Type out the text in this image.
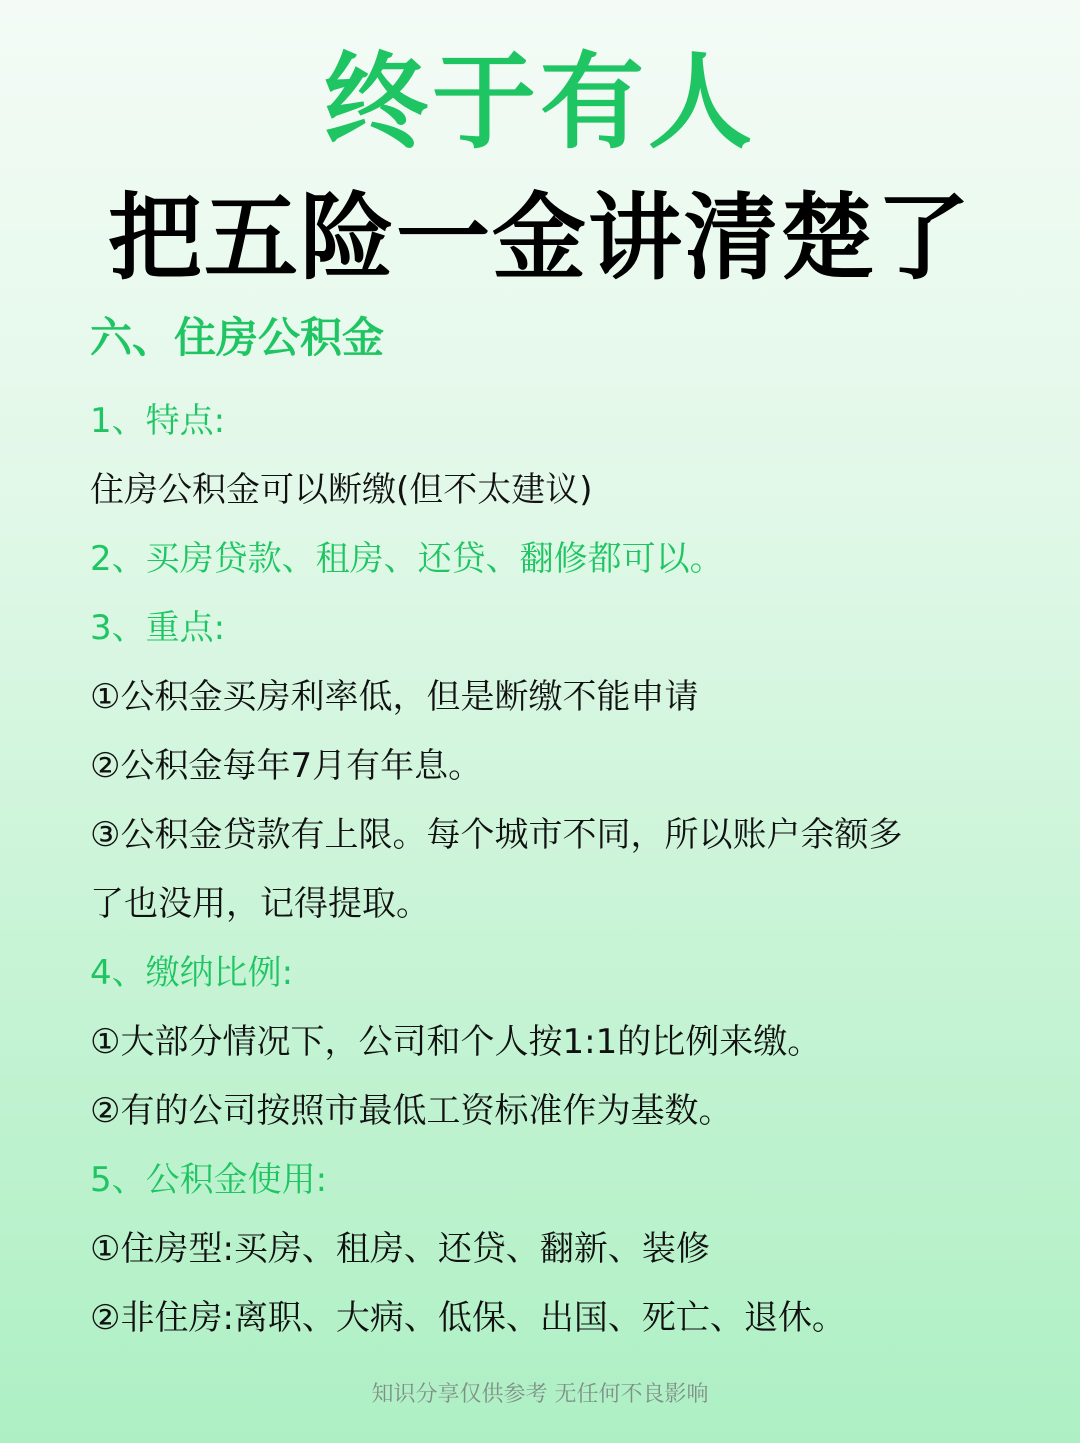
终于有人
把五险一金讲清楚了
六、住房公积金
1、特点:
住房公积金可以断缴(但不太建议)
2、买房贷款、租房、还贷、翻修都可以。
3、重点:
①公积金买房利率低，但是断缴不能申请
②公积金每年7月有年息。
③公积金贷款有上限。每个城市不同，所以账户余额多
了也没用，记得提取。
4、缴纳比例:
①大部分情况下，公司和个人按1:1的比例来缴。
②有的公司按照市最低工资标准作为基数。
5、公积金使用:
①住房型:买房、租房、还贷、翻新、装修
②非住房:离职、大病、低保、出国、死亡、退休。
知识分享仅供参考 无任何不良影响
